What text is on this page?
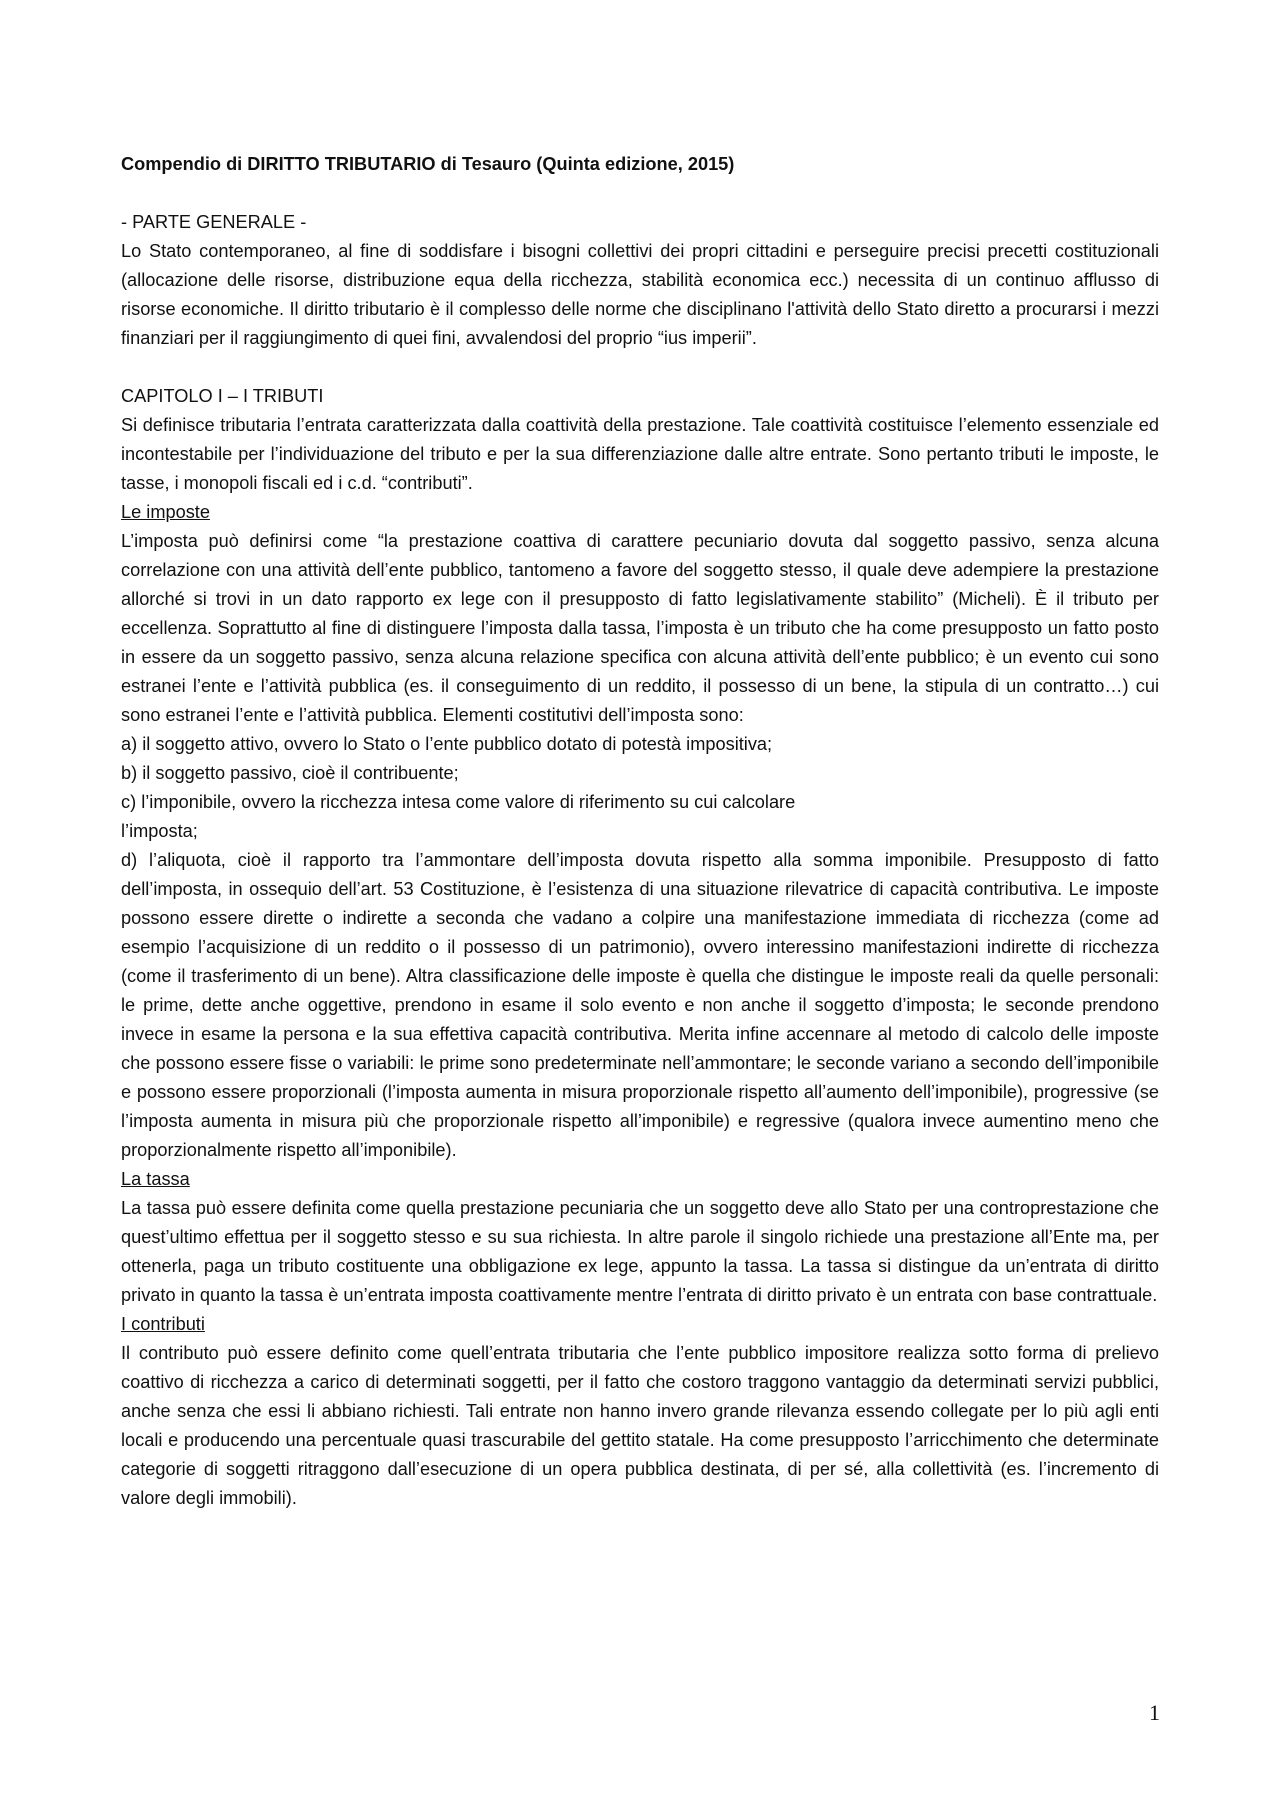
Compendio di DIRITTO TRIBUTARIO di Tesauro (Quinta edizione, 2015)

- PARTE GENERALE -

Lo Stato contemporaneo, al fine di soddisfare i bisogni collettivi dei propri cittadini e perseguire precisi precetti costituzionali (allocazione delle risorse, distribuzione equa della ricchezza, stabilità economica ecc.) necessita di un continuo afflusso di risorse economiche. Il diritto tributario è il complesso delle norme che disciplinano l'attività dello Stato diretto a procurarsi i mezzi finanziari per il raggiungimento di quei fini, avvalendosi del proprio “ius imperii”.

CAPITOLO I – I TRIBUTI

Si definisce tributaria l’entrata caratterizzata dalla coattività della prestazione. Tale coattività costituisce l’elemento essenziale ed incontestabile per l’individuazione del tributo e per la sua differenziazione dalle altre entrate. Sono pertanto tributi le imposte, le tasse, i monopoli fiscali ed i c.d. “contributi”.

Le imposte

L’imposta può definirsi come “la prestazione coattiva di carattere pecuniario dovuta dal soggetto passivo, senza alcuna correlazione con una attività dell’ente pubblico, tantomeno a favore del soggetto stesso, il quale deve adempiere la prestazione allorché si trovi in un dato rapporto ex lege con il presupposto di fatto legislativamente stabilito” (Micheli). È il tributo per eccellenza. Soprattutto al fine di distinguere l’imposta dalla tassa, l’imposta è un tributo che ha come presupposto un fatto posto in essere da un soggetto passivo, senza alcuna relazione specifica con alcuna attività dell’ente pubblico; è un evento cui sono estranei l’ente e l’attività pubblica (es. il conseguimento di un reddito, il possesso di un bene, la stipula di un contratto…) cui sono estranei l’ente e l’attività pubblica. Elementi costitutivi dell’imposta sono:

a) il soggetto attivo, ovvero lo Stato o l’ente pubblico dotato di potestà impositiva;

b) il soggetto passivo, cioè il contribuente;

c) l’imponibile, ovvero la ricchezza intesa come valore di riferimento su cui calcolare

l’imposta;

d) l’aliquota, cioè il rapporto tra l’ammontare dell’imposta dovuta rispetto alla somma imponibile. Presupposto di fatto dell’imposta, in ossequio dell’art. 53 Costituzione, è l’esistenza di una situazione rilevatrice di capacità contributiva. Le imposte possono essere dirette o indirette a seconda che vadano a colpire una manifestazione immediata di ricchezza (come ad esempio l’acquisizione di un reddito o il possesso di un patrimonio), ovvero interessino manifestazioni indirette di ricchezza (come il trasferimento di un bene). Altra classificazione delle imposte è quella che distingue le imposte reali da quelle personali: le prime, dette anche oggettive, prendono in esame il solo evento e non anche il soggetto d’imposta; le seconde prendono invece in esame la persona e la sua effettiva capacità contributiva. Merita infine accennare al metodo di calcolo delle imposte che possono essere fisse o variabili: le prime sono predeterminate nell’ammontare; le seconde variano a secondo dell’imponibile e possono essere proporzionali (l’imposta aumenta in misura proporzionale rispetto all’aumento dell’imponibile), progressive (se l’imposta aumenta in misura più che proporzionale rispetto all’imponibile) e regressive (qualora invece aumentino meno che proporzionalmente rispetto all’imponibile).

La tassa

La tassa può essere definita come quella prestazione pecuniaria che un soggetto deve allo Stato per una controprestazione che quest’ultimo effettua per il soggetto stesso e su sua richiesta. In altre parole il singolo richiede una prestazione all’Ente ma, per ottenerla, paga un tributo costituente una obbligazione ex lege, appunto la tassa. La tassa si distingue da un’entrata di diritto privato in quanto la tassa è un’entrata imposta coattivamente mentre l’entrata di diritto privato è un entrata con base contrattuale.

I contributi

Il contributo può essere definito come quell’entrata tributaria che l’ente pubblico impositore realizza sotto forma di prelievo coattivo di ricchezza a carico di determinati soggetti, per il fatto che costoro traggono vantaggio da determinati servizi pubblici, anche senza che essi li abbiano richiesti. Tali entrate non hanno invero grande rilevanza essendo collegate per lo più agli enti locali e producendo una percentuale quasi trascurabile del gettito statale. Ha come presupposto l’arricchimento che determinate categorie di soggetti ritraggono dall’esecuzione di un opera pubblica destinata, di per sé, alla collettività (es. l’incremento di valore degli immobili).

1
